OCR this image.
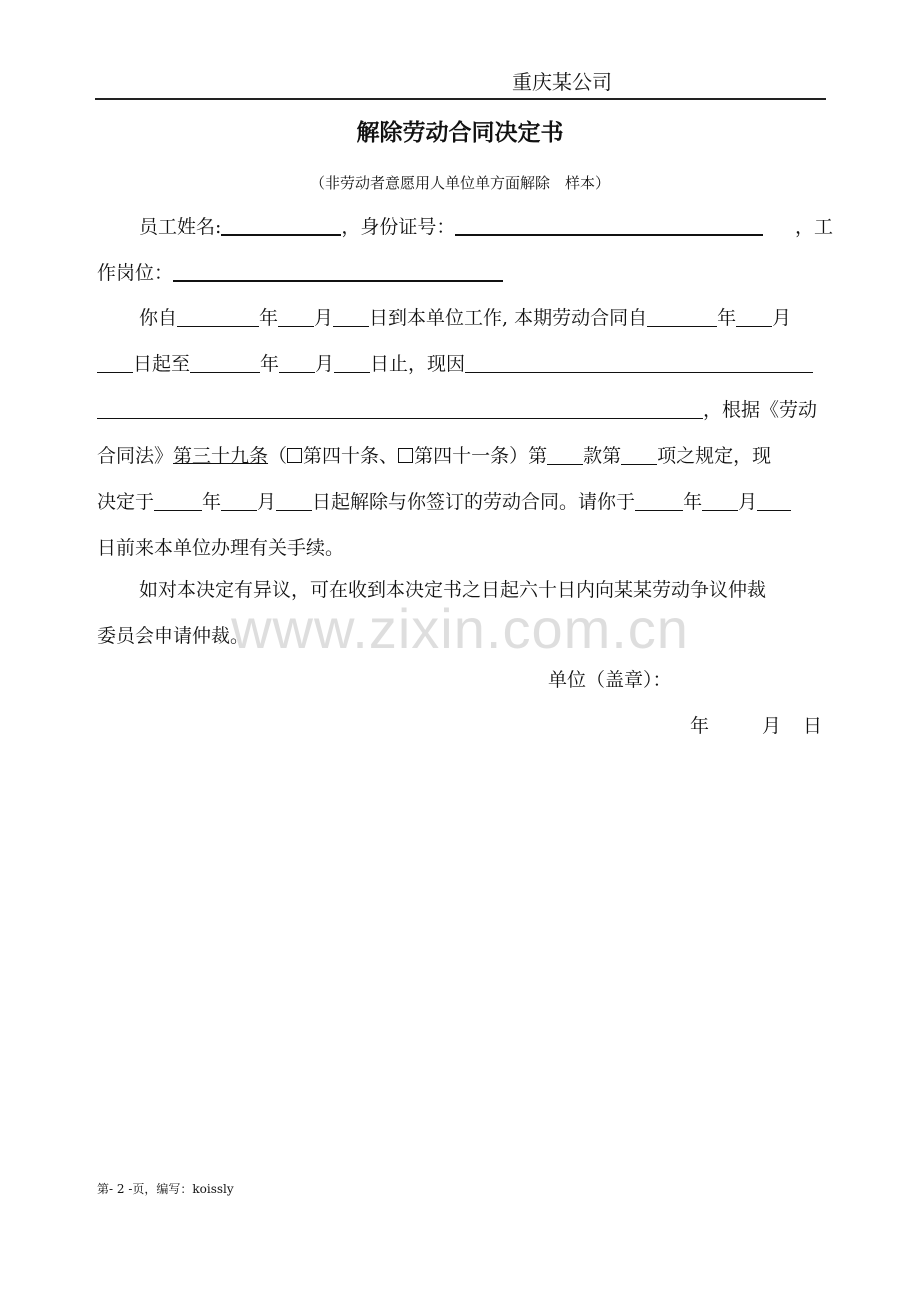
重庆某公司
解除劳动合同决定书
（非劳动者意愿用人单位单方面解除　样本）
员工姓名:	，身份证号：	，工
作岗位：
你自	年 月 日到本单位工作, 本期劳动合同自	年 月
日起至	年 月 日止，现因
，根据《劳动
合同法》第三十九条（ 第四十条、 第四十一条）第 款第 项之规定，现
决定于	年 月 日起解除与你签订的劳动合同。请你于	年 月
日前来本单位办理有关手续。
如对本决定有异议，可在收到本决定书之日起六十日内向某某劳动争议仲裁
委员会申请仲裁。
单位（盖章）：
年	月 日
www.zixin.com.cn
第- 2 -页，编写：koissly
